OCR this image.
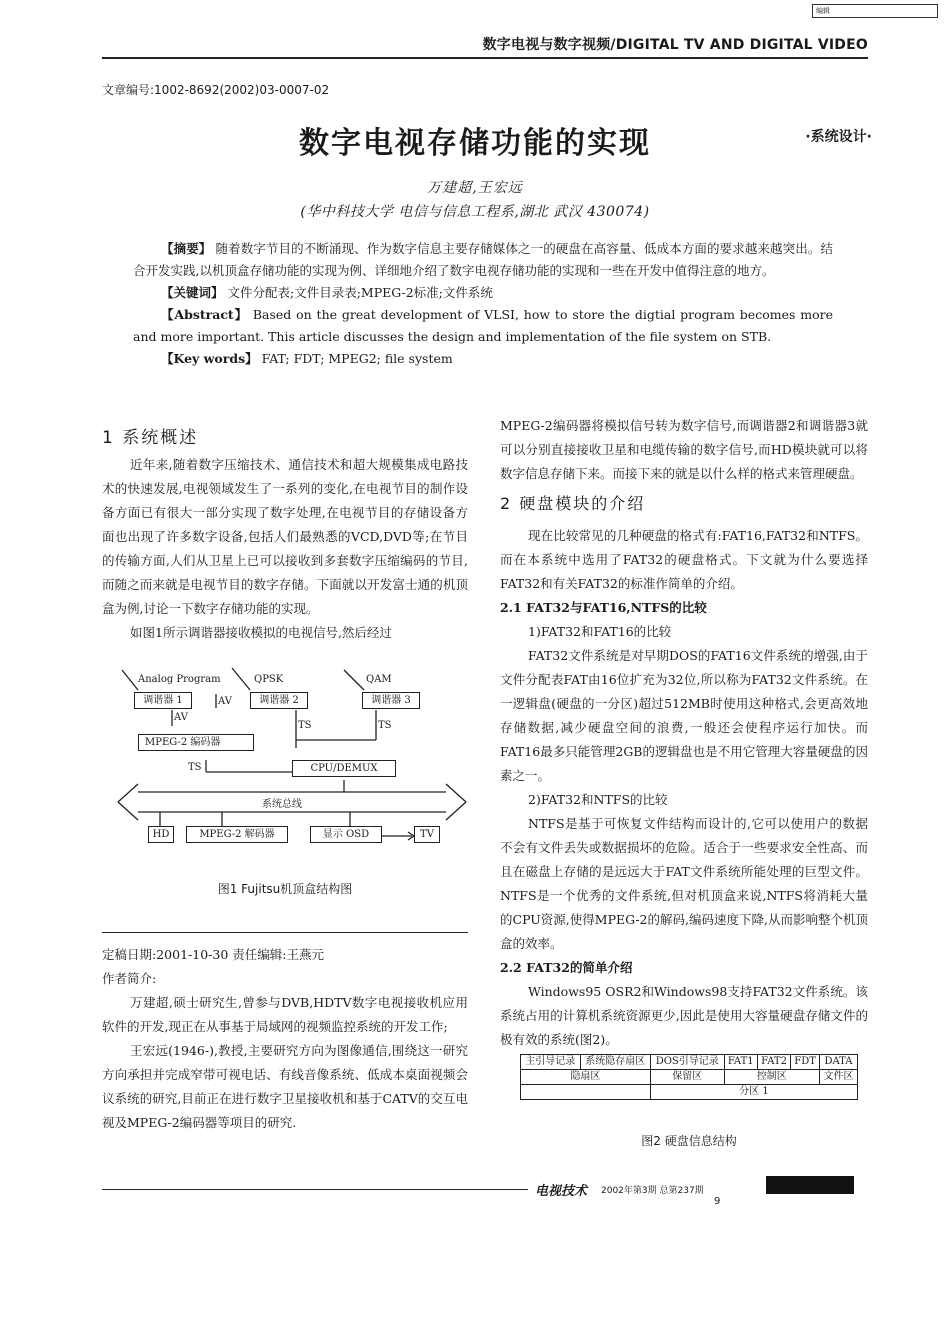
编辑
数字电视与数字视频/DIGITAL TV AND DIGITAL VIDEO
文章编号:1002-8692(2002)03-0007-02
数字电视存储功能的实现	·系统设计·
万建超,王宏远
(华中科技大学 电信与信息工程系,湖北 武汉 430074)

【摘要】 随着数字节目的不断涌现、作为数字信息主要存储媒体之一的硬盘在高容量、低成本方面的要求越来越突出。结合开发实践,以机顶盒存储功能的实现为例、详细地介绍了数字电视存储功能的实现和一些在开发中值得注意的地方。

【关键词】 文件分配表;文件目录表;MPEG-2标准;文件系统

【Abstract】 Based on the great development of VLSI, how to store the digtial program becomes more and more important. This article discusses the design and implementation of the file system on STB.

【Key words】 FAT; FDT; MPEG2; file system

1 系统概述

近年来,随着数字压缩技术、通信技术和超大规模集成电路技术的快速发展,电视领域发生了一系列的变化,在电视节目的制作设备方面已有很大一部分实现了数字处理,在电视节目的存储设备方面也出现了许多数字设备,包括人们最熟悉的VCD,DVD等;在节目的传输方面,人们从卫星上已可以接收到多套数字压缩编码的节目,而随之而来就是电视节目的数字存储。下面就以开发富士通的机顶盒为例,讨论一下数字存储功能的实现。

如图1所示调谐器接收模拟的电视信号,然后经过

Analog Program	QPSK	QAM
调谐器 1	AV	调谐器 2	调谐器 3
AV
MPEG-2 编码器
TS	TS
TS	CPU/DEMUX
系统总线
HD	MPEG-2 解码器	显示 OSD	TV
图1 Fujitsu机顶盒结构图

定稿日期:2001-10-30 责任编辑:王燕元

作者简介:

万建超,硕士研究生,曾参与DVB,HDTV数字电视接收机应用软件的开发,现正在从事基于局域网的视频监控系统的开发工作;

王宏远(1946-),教授,主要研究方向为图像通信,围绕这一研究方向承担并完成窄带可视电话、有线音像系统、低成本桌面视频会议系统的研究,目前正在进行数字卫星接收机和基于CATV的交互电视及MPEG-2编码器等项目的研究.

MPEG-2编码器将模拟信号转为数字信号,而调谐器2和调谐器3就可以分别直接接收卫星和电缆传输的数字信号,而HD模块就可以将数字信息存储下来。而接下来的就是以什么样的格式来管理硬盘。

2 硬盘模块的介绍

现在比较常见的几种硬盘的格式有:FAT16,FAT32和NTFS。而在本系统中选用了FAT32的硬盘格式。下文就为什么要选择FAT32和有关FAT32的标准作简单的介绍。

2.1 FAT32与FAT16,NTFS的比较

1)FAT32和FAT16的比较

FAT32文件系统是对早期DOS的FAT16文件系统的增强,由于文件分配表FAT由16位扩充为32位,所以称为FAT32文件系统。在一逻辑盘(硬盘的一分区)超过512MB时使用这种格式,会更高效地存储数据,减少硬盘空间的浪费,一般还会使程序运行加快。而FAT16最多只能管理2GB的逻辑盘也是不用它管理大容量硬盘的因素之一。

2)FAT32和NTFS的比较

NTFS是基于可恢复文件结构而设计的,它可以使用户的数据不会有文件丢失或数据损坏的危险。适合于一些要求安全性高、而且在磁盘上存储的是远远大于FAT文件系统所能处理的巨型文件。NTFS是一个优秀的文件系统,但对机顶盒来说,NTFS将消耗大量的CPU资源,使得MPEG-2的解码,编码速度下降,从而影响整个机顶盒的效率。

2.2 FAT32的简单介绍

Windows95 OSR2和Windows98支持FAT32文件系统。该系统占用的计算机系统资源更少,因此是使用大容量硬盘存储文件的极有效的系统(图2)。

主引导记录	系统隐存扇区	DOS引导记录	FAT1	FAT2	FDT	DATA
隐扇区		保留区	控制区			文件区
		分区 1				
图2 硬盘信息结构
电视技术 2002年第3期 总第237期
9
